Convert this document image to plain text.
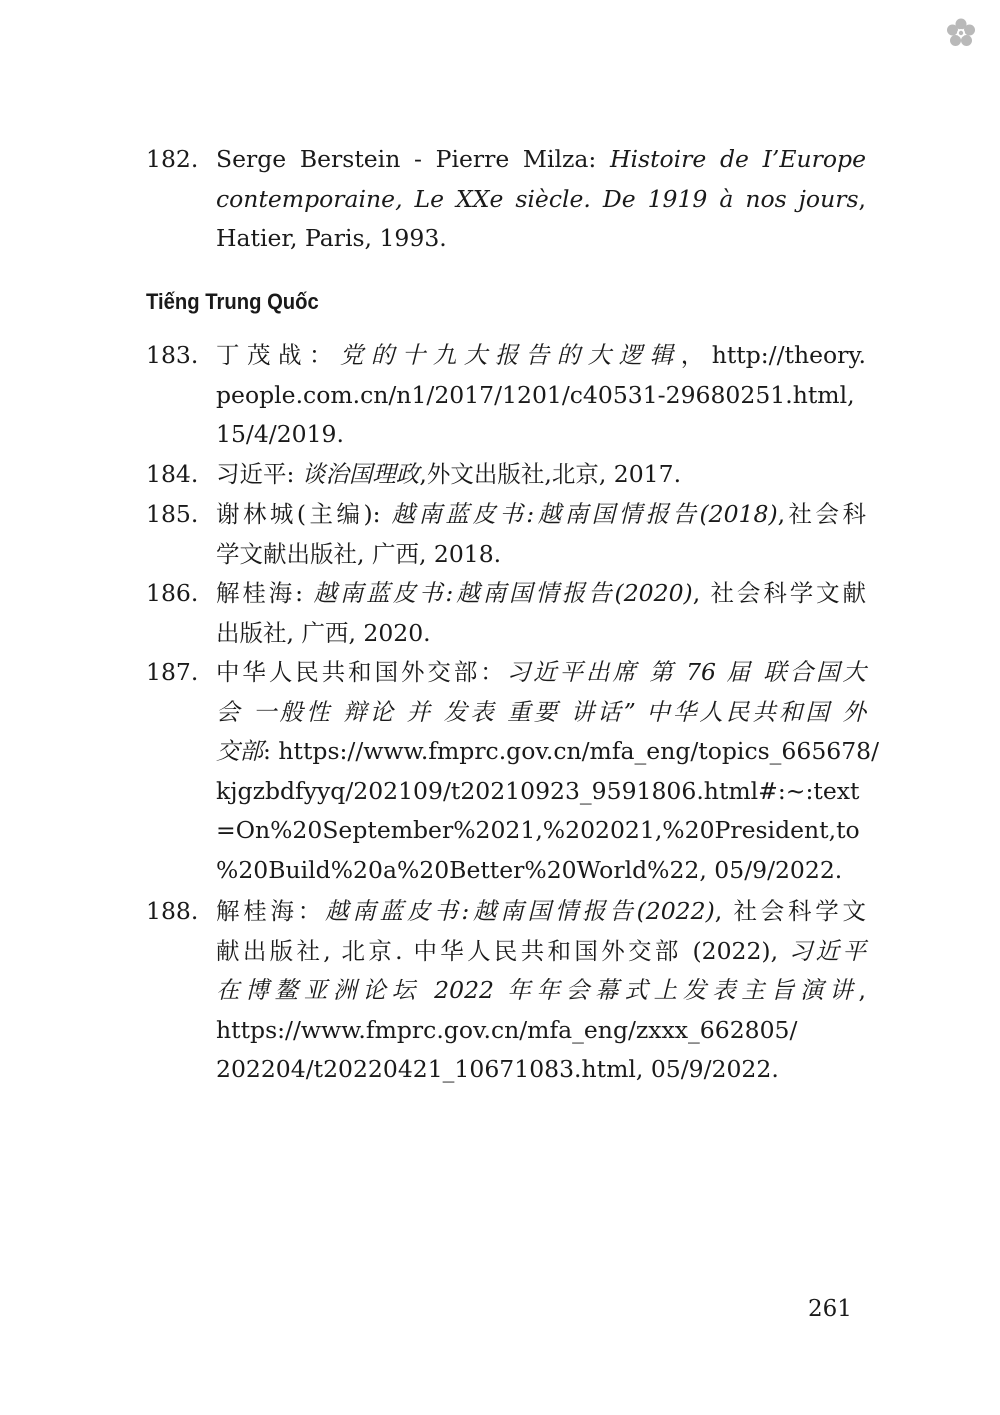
182. Serge Berstein - Pierre Milza: Histoire de I’Europe
contemporaine, Le XXe siècle. De 1919 à nos jours,
Hatier, Paris, 1993.
Tiếng Trung Quốc
183. 丁茂战：党的十九大报告的大逻辑，http://theory.
people.com.cn/n1/2017/1201/c40531-29680251.html,
15/4/2019.
184. 习近平: 谈治国理政,外文出版社,北京, 2017.
185. 谢林城(主编): 越南蓝皮书:越南国情报告(2018),社会科
学文献出版社, 广西, 2018.
186. 解桂海: 越南蓝皮书:越南国情报告(2020), 社会科学文献
出版社, 广西, 2020.
187. 中华人民共和国外交部：习近平出席 第 76 届 联合国大
会 一般性 辩论 并 发表 重要 讲话” 中华人民共和国 外
交部: https://www.fmprc.gov.cn/mfa_eng/topics_665678/
kjgzbdfyyq/202109/t20210923_9591806.html#:~:text
=On%20September%2021,%202021,%20President,to
%20Build%20a%20Better%20World%22, 05/9/2022.
188. 解桂海：越南蓝皮书:越南国情报告(2022), 社会科学文
献出版社, 北京. 中华人民共和国外交部 (2022), 习近平
在博鳌亚洲论坛 2022 年年会幕式上发表主旨演讲,
https://www.fmprc.gov.cn/mfa_eng/zxxx_662805/
202204/t20220421_10671083.html, 05/9/2022.
261
